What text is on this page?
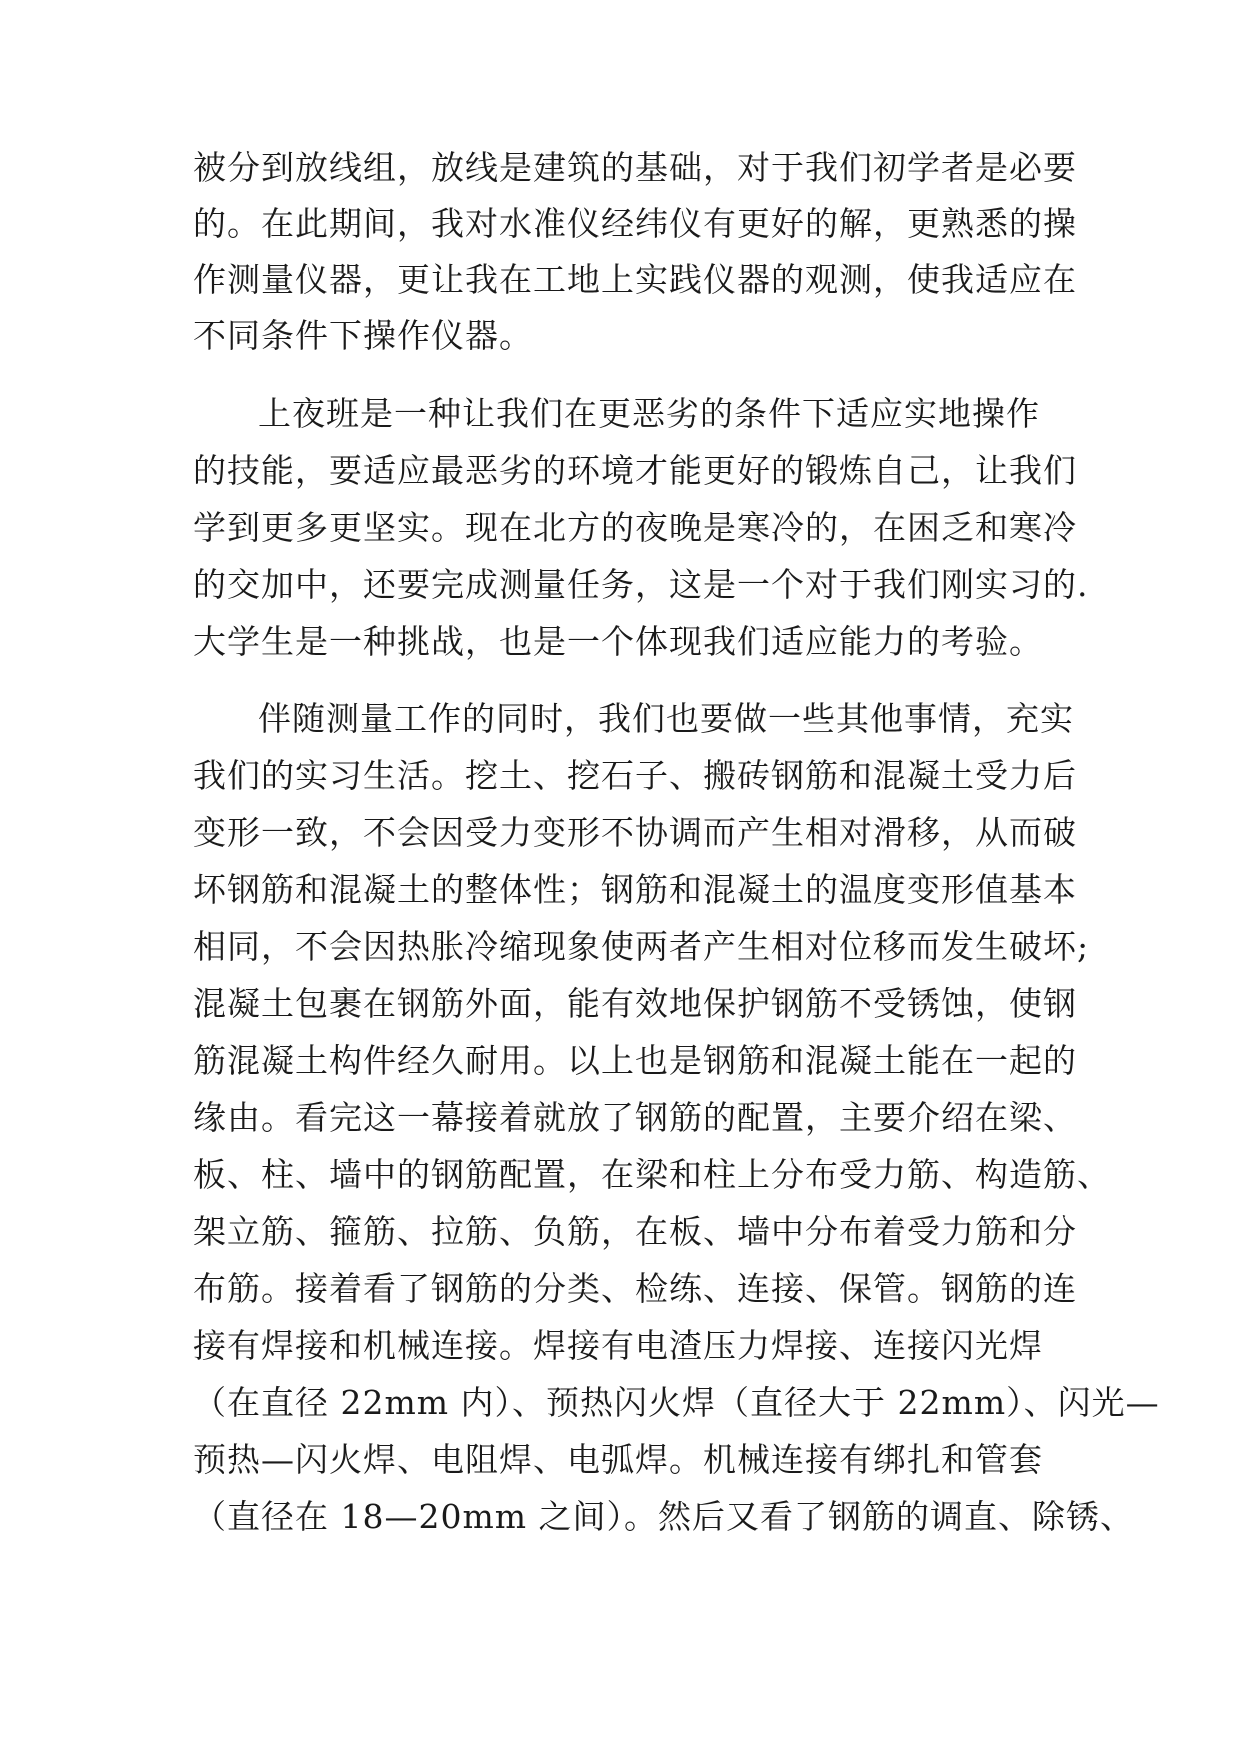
被分到放线组，放线是建筑的基础，对于我们初学者是必要
的。在此期间，我对水准仪经纬仪有更好的解，更熟悉的操
作测量仪器，更让我在工地上实践仪器的观测，使我适应在
不同条件下操作仪器。
上夜班是一种让我们在更恶劣的条件下适应实地操作
的技能，要适应最恶劣的环境才能更好的锻炼自己，让我们
学到更多更坚实。现在北方的夜晚是寒冷的，在困乏和寒冷
的交加中，还要完成测量任务，这是一个对于我们刚实习的.
大学生是一种挑战，也是一个体现我们适应能力的考验。
伴随测量工作的同时，我们也要做一些其他事情，充实
我们的实习生活。挖土、挖石子、搬砖钢筋和混凝土受力后
变形一致，不会因受力变形不协调而产生相对滑移，从而破
坏钢筋和混凝土的整体性；钢筋和混凝土的温度变形值基本
相同，不会因热胀冷缩现象使两者产生相对位移而发生破坏;
混凝土包裹在钢筋外面，能有效地保护钢筋不受锈蚀，使钢
筋混凝土构件经久耐用。以上也是钢筋和混凝土能在一起的
缘由。看完这一幕接着就放了钢筋的配置，主要介绍在梁、
板、柱、墙中的钢筋配置，在梁和柱上分布受力筋、构造筋、
架立筋、箍筋、拉筋、负筋，在板、墙中分布着受力筋和分
布筋。接着看了钢筋的分类、检练、连接、保管。钢筋的连
接有焊接和机械连接。焊接有电渣压力焊接、连接闪光焊
（在直径 22mm 内）、预热闪火焊（直径大于 22mm）、闪光—
预热—闪火焊、电阻焊、电弧焊。机械连接有绑扎和管套
（直径在 18—20mm 之间）。然后又看了钢筋的调直、除锈、
